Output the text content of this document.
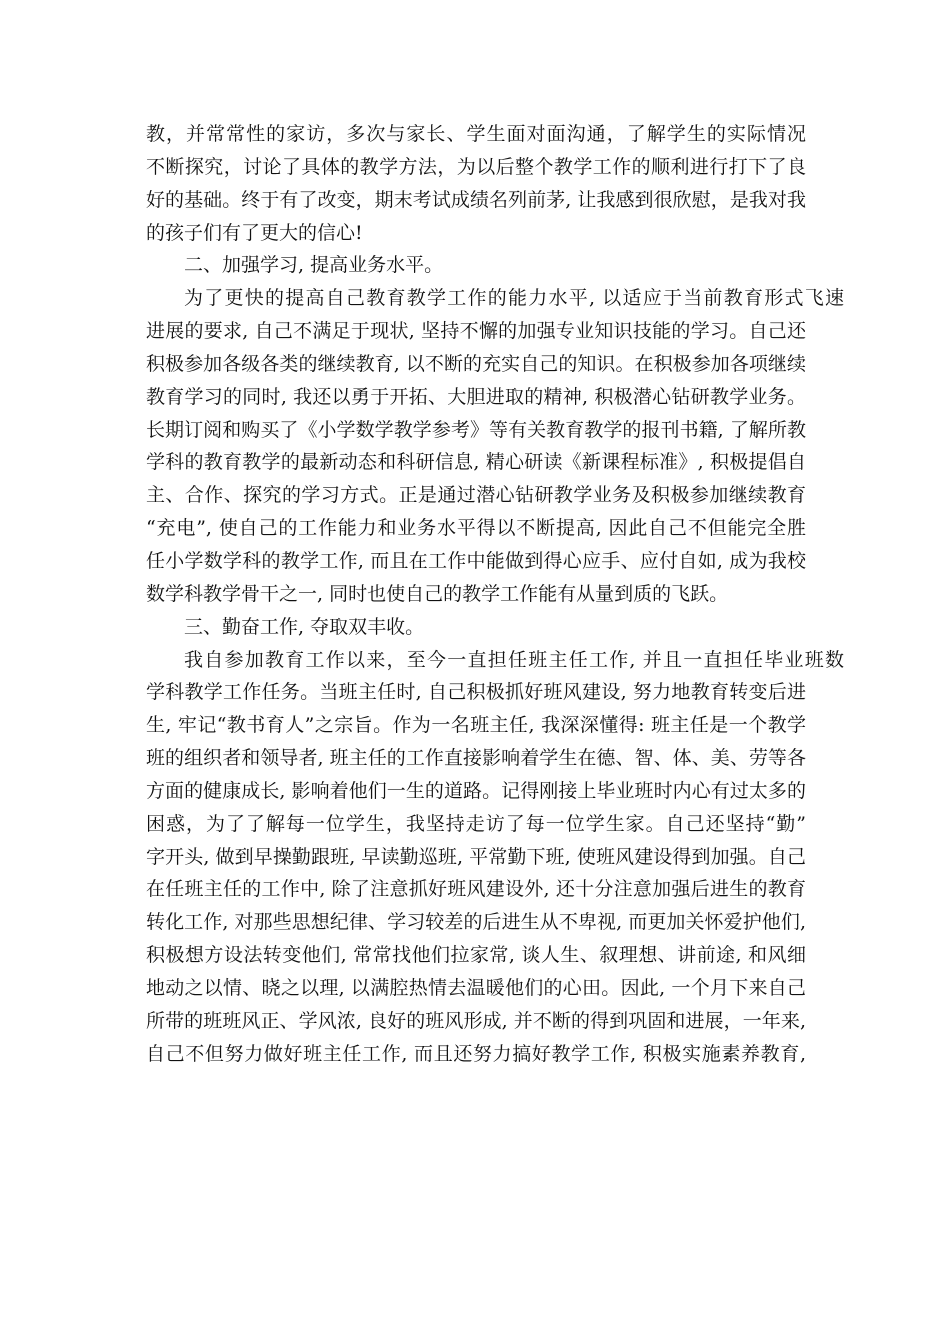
教，并常常性的家访，多次与家长、学生面对面沟通，了解学生的实际情况
不断探究，讨论了具体的教学方法，为以后整个教学工作的顺利进行打下了良
好的基础。终于有了改变，期末考试成绩名列前茅, 让我感到很欣慰，是我对我
的孩子们有了更大的信心!
二、加强学习, 提高业务水平。
为了更快的提高自己教育教学工作的能力水平, 以适应于当前教育形式飞速
进展的要求, 自己不满足于现状, 坚持不懈的加强专业知识技能的学习。自己还
积极参加各级各类的继续教育, 以不断的充实自己的知识。在积极参加各项继续
教育学习的同时, 我还以勇于开拓、大胆进取的精神, 积极潜心钻研教学业务。
长期订阅和购买了《小学数学教学参考》等有关教育教学的报刊书籍, 了解所教
学科的教育教学的最新动态和科研信息, 精心研读《新课程标准》, 积极提倡自
主、合作、探究的学习方式。正是通过潜心钻研教学业务及积极参加继续教育
“充电”, 使自己的工作能力和业务水平得以不断提高, 因此自己不但能完全胜
任小学数学科的教学工作, 而且在工作中能做到得心应手、应付自如, 成为我校
数学科教学骨干之一, 同时也使自己的教学工作能有从量到质的飞跃。
三、勤奋工作, 夺取双丰收。
我自参加教育工作以来，至今一直担任班主任工作, 并且一直担任毕业班数
学科教学工作任务。当班主任时, 自己积极抓好班风建设, 努力地教育转变后进
生, 牢记“教书育人”之宗旨。作为一名班主任, 我深深懂得: 班主任是一个教学
班的组织者和领导者, 班主任的工作直接影响着学生在德、智、体、美、劳等各
方面的健康成长, 影响着他们一生的道路。记得刚接上毕业班时内心有过太多的
困惑，为了了解每一位学生，我坚持走访了每一位学生家。自己还坚持“勤”
字开头, 做到早操勤跟班, 早读勤巡班, 平常勤下班, 使班风建设得到加强。自己
在任班主任的工作中, 除了注意抓好班风建设外, 还十分注意加强后进生的教育
转化工作, 对那些思想纪律、学习较差的后进生从不卑视, 而更加关怀爱护他们,
积极想方设法转变他们, 常常找他们拉家常, 谈人生、叙理想、讲前途, 和风细
地动之以情、晓之以理, 以满腔热情去温暖他们的心田。因此, 一个月下来自己
所带的班班风正、学风浓, 良好的班风形成, 并不断的得到巩固和进展，一年来,
自己不但努力做好班主任工作, 而且还努力搞好教学工作, 积极实施素养教育,
